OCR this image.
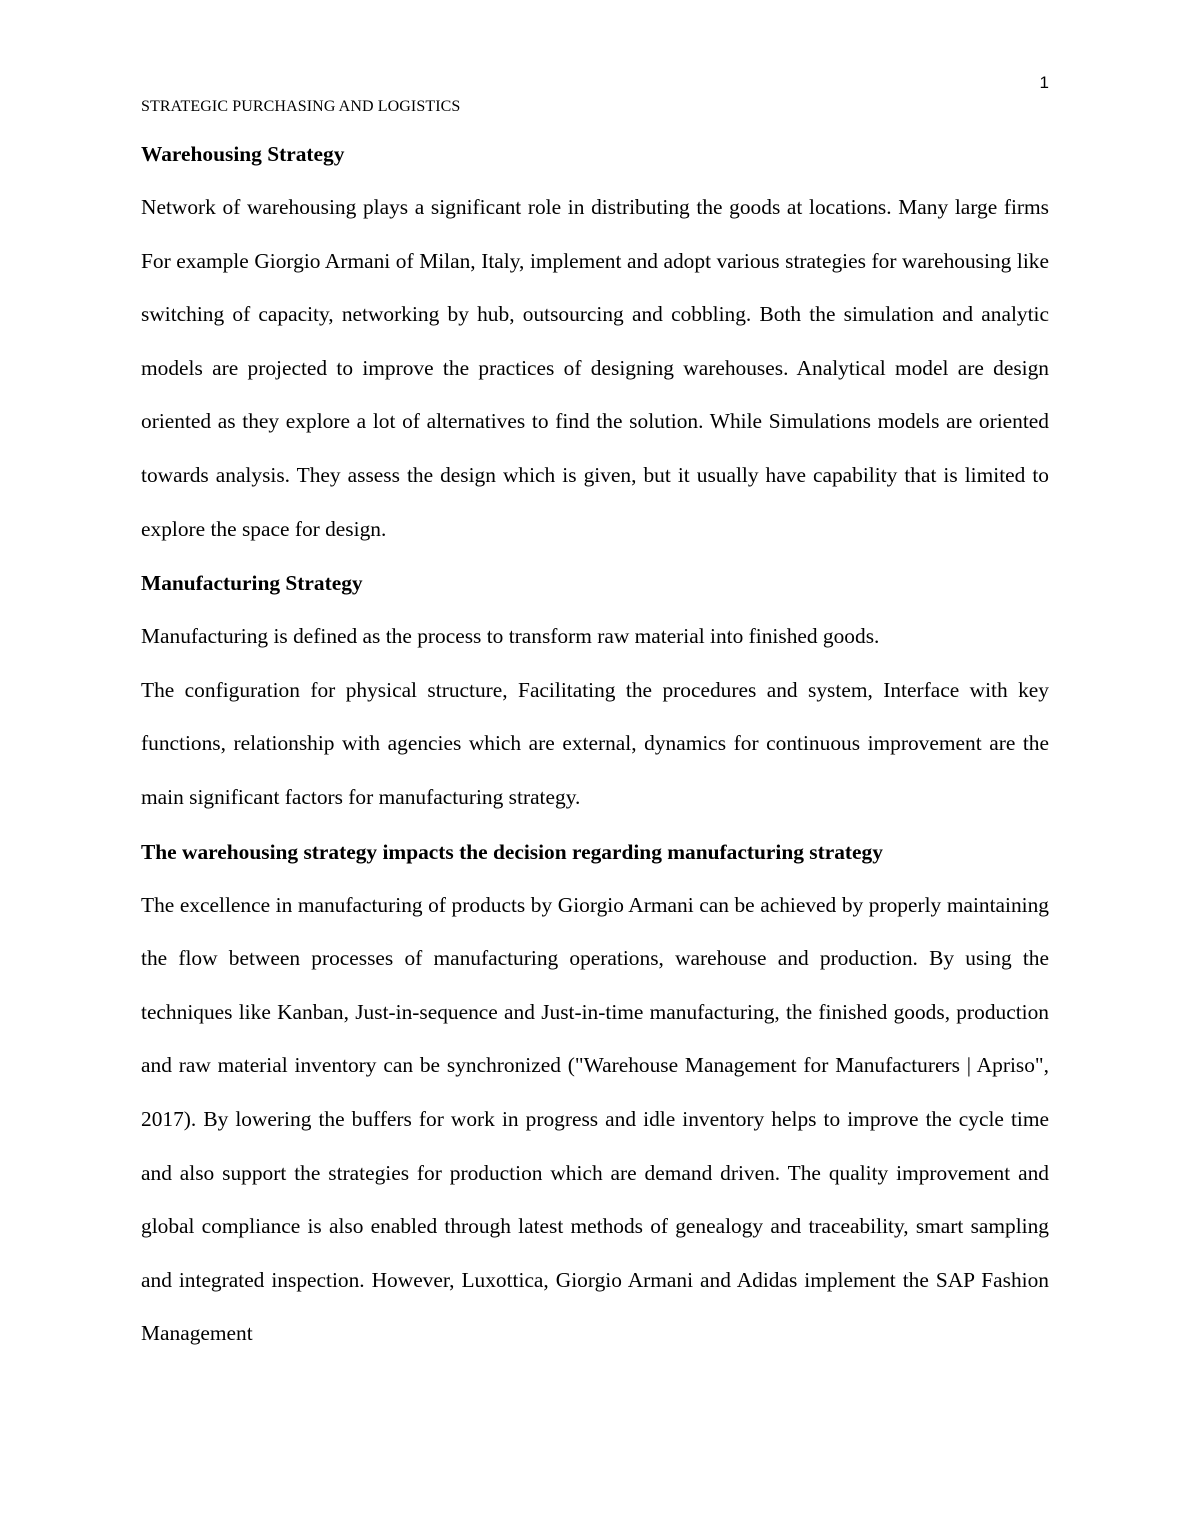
1
STRATEGIC PURCHASING AND LOGISTICS

Warehousing Strategy

Network of warehousing plays a significant role in distributing the goods at locations. Many large firms For example Giorgio Armani of Milan, Italy, implement and adopt various strategies for warehousing like switching of capacity, networking by hub, outsourcing and cobbling. Both the simulation and analytic models are projected to improve the practices of designing warehouses. Analytical model are design oriented as they explore a lot of alternatives to find the solution. While Simulations models are oriented towards analysis. They assess the design which is given, but it usually have capability that is limited to explore the space for design.

Manufacturing Strategy

Manufacturing is defined as the process to transform raw material into finished goods.

The configuration for physical structure, Facilitating the procedures and system, Interface with key functions, relationship with agencies which are external, dynamics for continuous improvement are the main significant factors for manufacturing strategy.

The warehousing strategy impacts the decision regarding manufacturing strategy

The excellence in manufacturing of products by Giorgio Armani can be achieved by properly maintaining the flow between processes of manufacturing operations, warehouse and production. By using the techniques like Kanban, Just-in-sequence and Just-in-time manufacturing, the finished goods, production and raw material inventory can be synchronized ("Warehouse Management for Manufacturers | Apriso", 2017). By lowering the buffers for work in progress and idle inventory helps to improve the cycle time and also support the strategies for production which are demand driven. The quality improvement and global compliance is also enabled through latest methods of genealogy and traceability, smart sampling and integrated inspection. However, Luxottica, Giorgio Armani and Adidas implement the SAP Fashion Management
